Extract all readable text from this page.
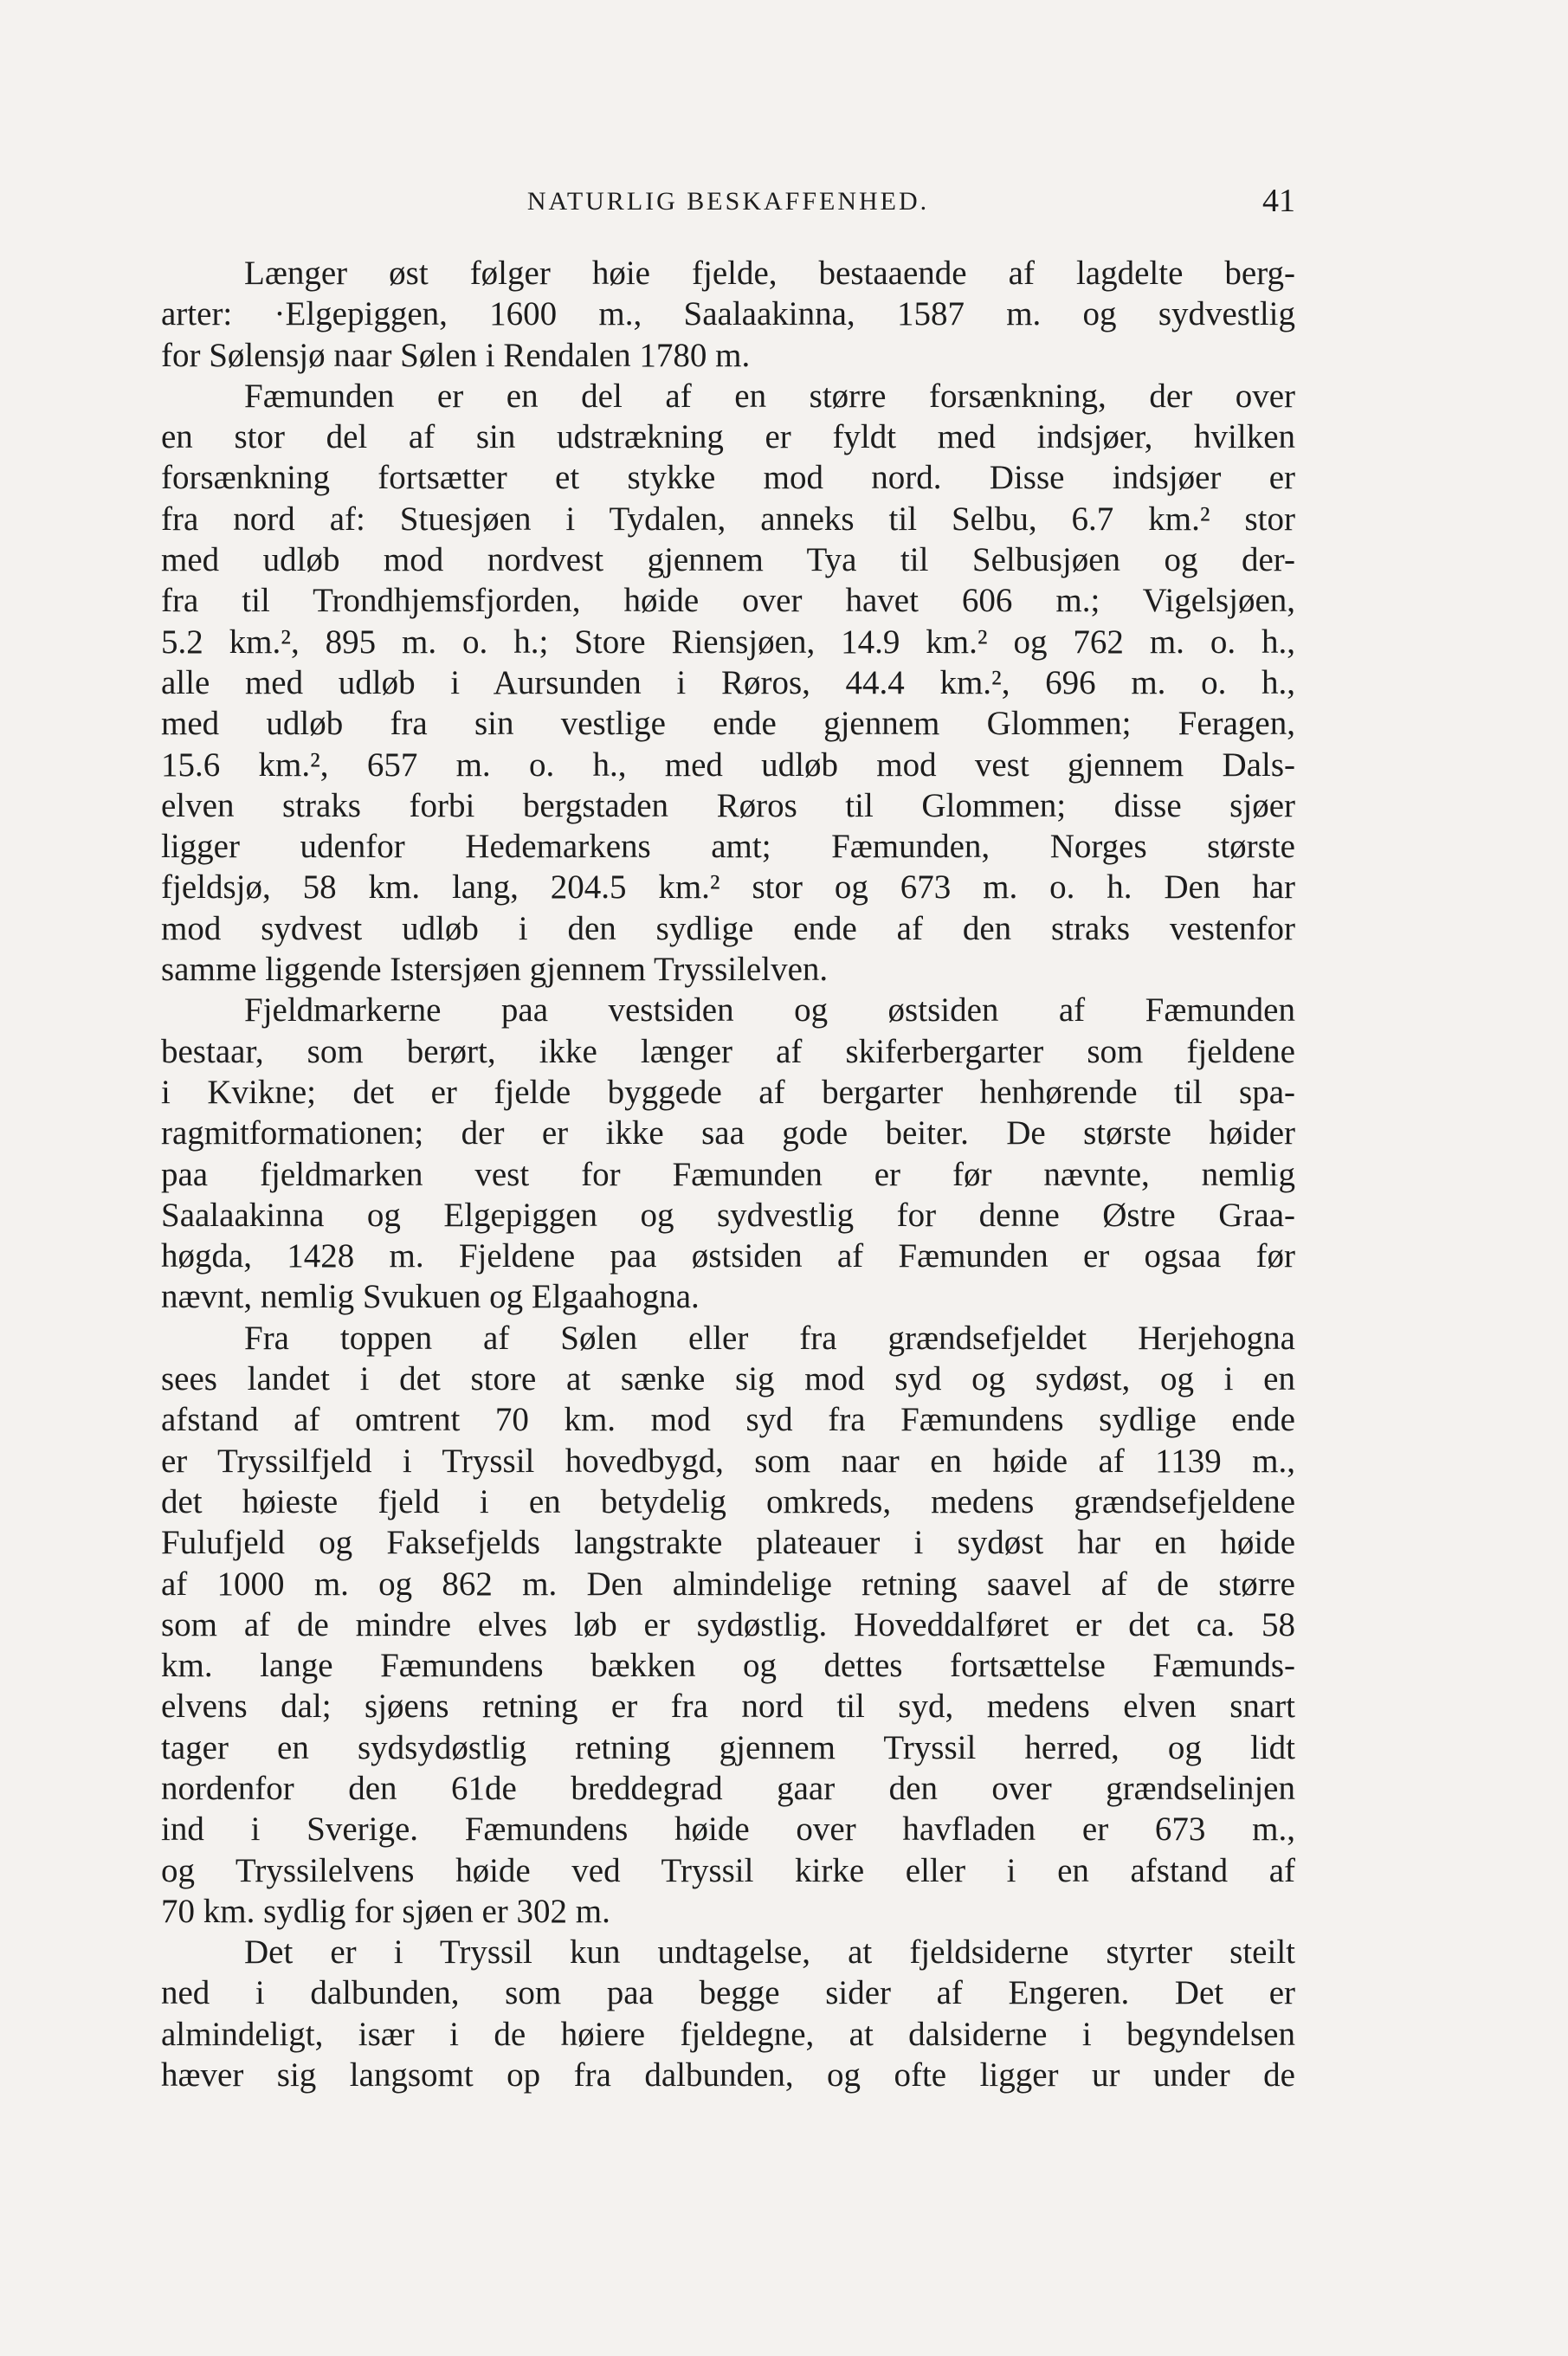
NATURLIG BESKAFFENHED.	41
Længer øst følger høie fjelde, bestaaende af lagdelte berg-
arter: ·Elgepiggen, 1600 m., Saalaakinna, 1587 m. og sydvestlig
for Sølensjø naar Sølen i Rendalen 1780 m.
Fæmunden er en del af en større forsænkning, der over
en stor del af sin udstrækning er fyldt med indsjøer, hvilken
forsænkning fortsætter et stykke mod nord. Disse indsjøer er
fra nord af: Stuesjøen i Tydalen, anneks til Selbu, 6.7 km.² stor
med udløb mod nordvest gjennem Tya til Selbusjøen og der-
fra til Trondhjemsfjorden, høide over havet 606 m.; Vigelsjøen,
5.2 km.², 895 m. o. h.; Store Riensjøen, 14.9 km.² og 762 m. o. h.,
alle med udløb i Aursunden i Røros, 44.4 km.², 696 m. o. h.,
med udløb fra sin vestlige ende gjennem Glommen; Feragen,
15.6 km.², 657 m. o. h., med udløb mod vest gjennem Dals-
elven straks forbi bergstaden Røros til Glommen; disse sjøer
ligger udenfor Hedemarkens amt; Fæmunden, Norges største
fjeldsjø, 58 km. lang, 204.5 km.² stor og 673 m. o. h. Den har
mod sydvest udløb i den sydlige ende af den straks vestenfor
samme liggende Istersjøen gjennem Tryssilelven.
Fjeldmarkerne paa vestsiden og østsiden af Fæmunden
bestaar, som berørt, ikke længer af skiferbergarter som fjeldene
i Kvikne; det er fjelde byggede af bergarter henhørende til spa-
ragmitformationen; der er ikke saa gode beiter. De største høider
paa fjeldmarken vest for Fæmunden er før nævnte, nemlig
Saalaakinna og Elgepiggen og sydvestlig for denne Østre Graa-
høgda, 1428 m. Fjeldene paa østsiden af Fæmunden er ogsaa før
nævnt, nemlig Svukuen og Elgaahogna.
Fra toppen af Sølen eller fra grændsefjeldet Herjehogna
sees landet i det store at sænke sig mod syd og sydøst, og i en
afstand af omtrent 70 km. mod syd fra Fæmundens sydlige ende
er Tryssilfjeld i Tryssil hovedbygd, som naar en høide af 1139 m.,
det høieste fjeld i en betydelig omkreds, medens grændsefjeldene
Fulufjeld og Faksefjelds langstrakte plateauer i sydøst har en høide
af 1000 m. og 862 m. Den almindelige retning saavel af de større
som af de mindre elves løb er sydøstlig. Hoveddalføret er det ca. 58
km. lange Fæmundens bækken og dettes fortsættelse Fæmunds-
elvens dal; sjøens retning er fra nord til syd, medens elven snart
tager en sydsydøstlig retning gjennem Tryssil herred, og lidt
nordenfor den 61de breddegrad gaar den over grændselinjen
ind i Sverige. Fæmundens høide over havfladen er 673 m.,
og Tryssilelvens høide ved Tryssil kirke eller i en afstand af
70 km. sydlig for sjøen er 302 m.
Det er i Tryssil kun undtagelse, at fjeldsiderne styrter steilt
ned i dalbunden, som paa begge sider af Engeren. Det er
almindeligt, især i de høiere fjeldegne, at dalsiderne i begyndelsen
hæver sig langsomt op fra dalbunden, og ofte ligger ur under de
